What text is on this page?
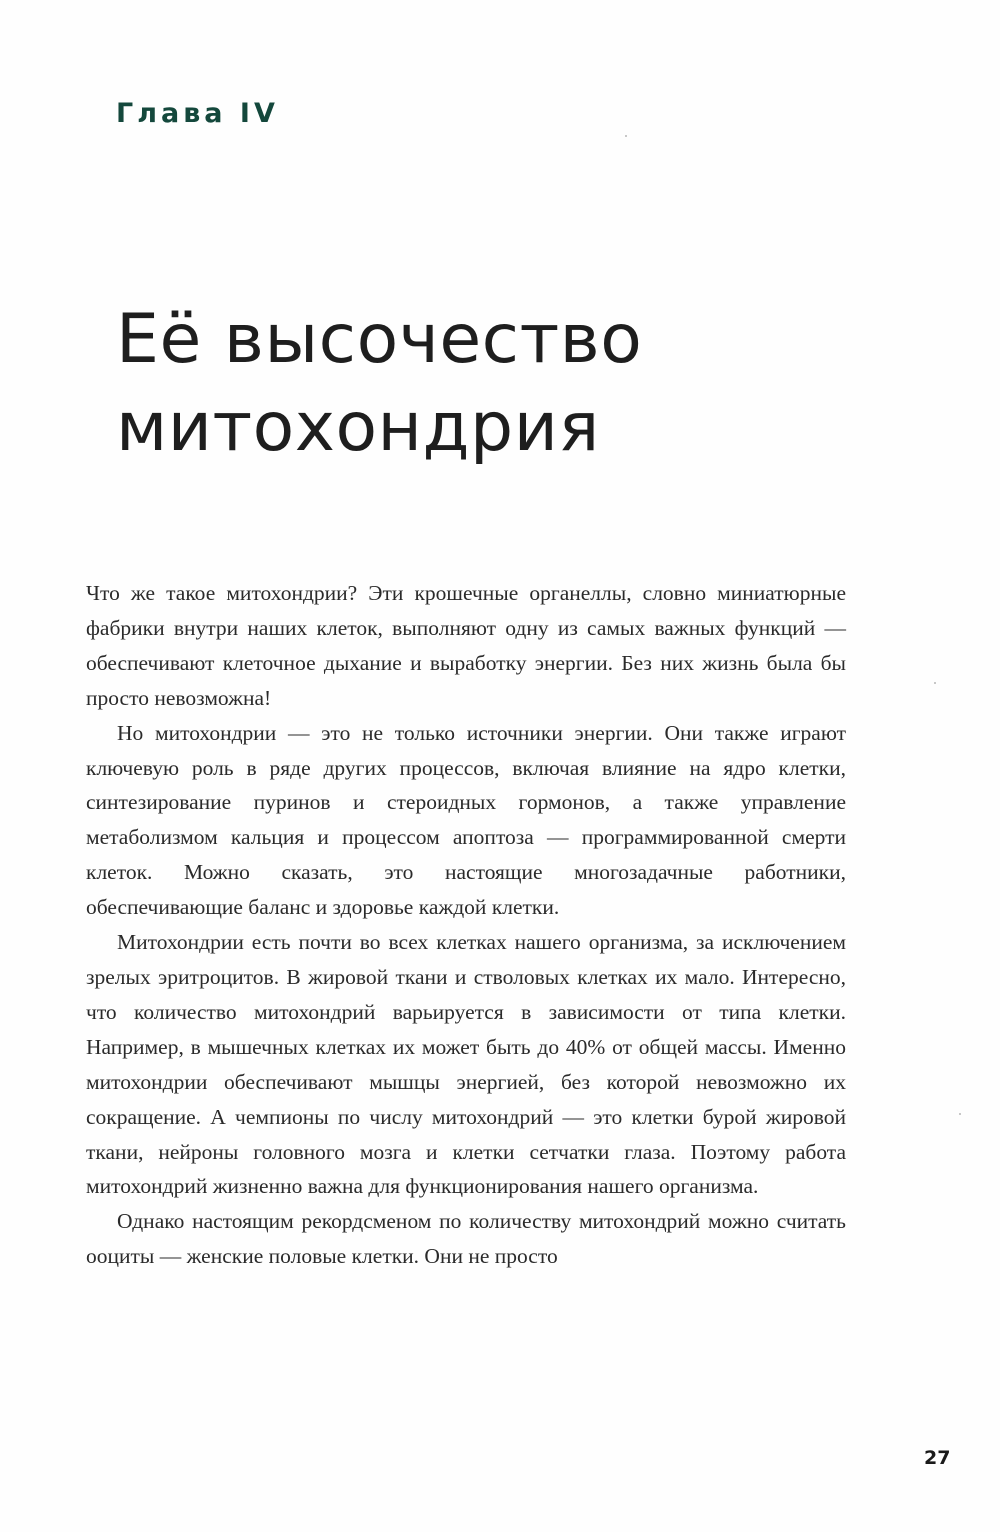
Глава IV

Её высочество
митохондрия

Что же такое митохондрии? Эти крошечные органеллы, словно миниатюрные фабрики внутри наших клеток, выполняют одну из самых важных функций — обеспечивают клеточное дыхание и выработку энергии. Без них жизнь была бы просто невозможна!

Но митохондрии — это не только источники энергии. Они также играют ключевую роль в ряде других процессов, включая влияние на ядро клетки, синтезирование пуринов и стероидных гормонов, а также управление метаболизмом кальция и процессом апоптоза — программированной смерти клеток. Можно сказать, это настоящие многозадачные работники, обеспечивающие баланс и здоровье каждой клетки.

Митохондрии есть почти во всех клетках нашего организма, за исключением зрелых эритроцитов. В жировой ткани и стволовых клетках их мало. Интересно, что количество митохондрий варьируется в зависимости от типа клетки. Например, в мышечных клетках их может быть до 40% от общей массы. Именно митохондрии обеспечивают мышцы энергией, без которой невозможно их сокращение. А чемпионы по числу митохондрий — это клетки бурой жировой ткани, нейроны головного мозга и клетки сетчатки глаза. Поэтому работа митохондрий жизненно важна для функционирования нашего организма.

Однако настоящим рекордсменом по количеству митохондрий можно считать ооциты — женские половые клетки. Они не просто

27
